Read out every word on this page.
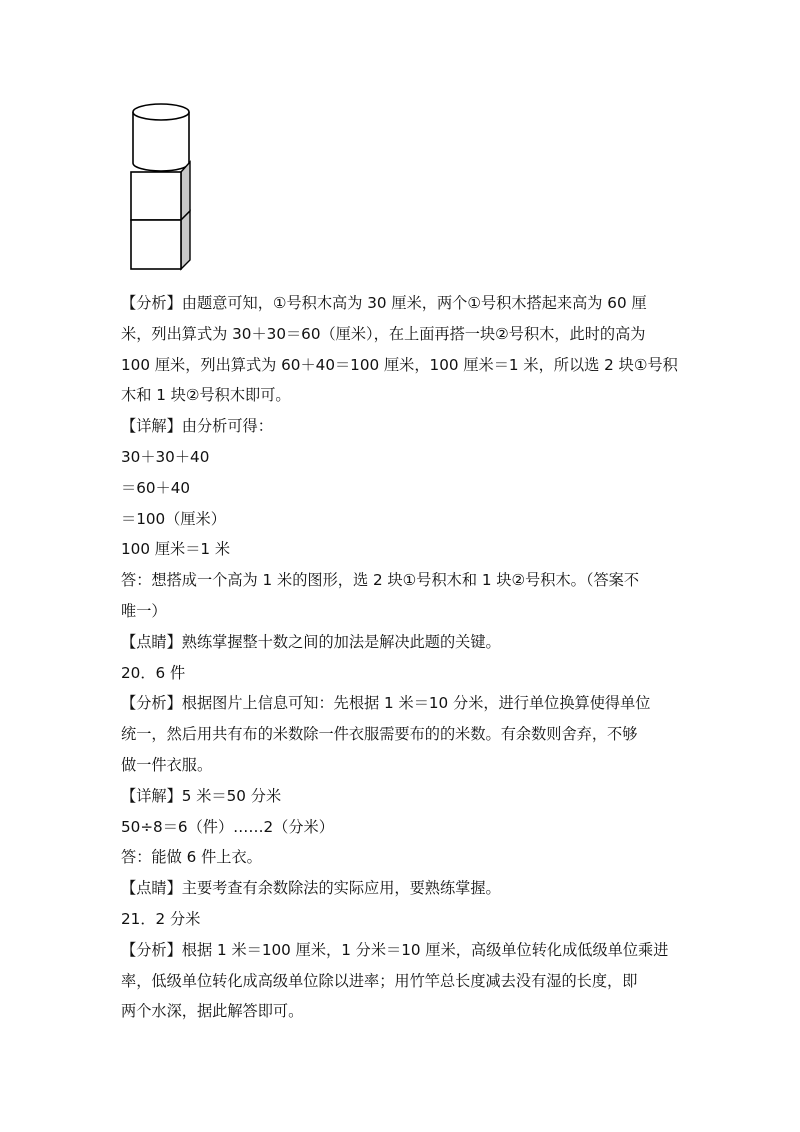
【分析】由题意可知，①号积木高为 30 厘米，两个①号积木搭起来高为 60 厘
米，列出算式为 30＋30＝60（厘米），在上面再搭一块②号积木，此时的高为
100 厘米，列出算式为 60＋40＝100 厘米，100 厘米＝1 米，所以选 2 块①号积
木和 1 块②号积木即可。
【详解】由分析可得：
30＋30＋40
＝60＋40
＝100（厘米）
100 厘米＝1 米
答：想搭成一个高为 1 米的图形，选 2 块①号积木和 1 块②号积木。（答案不
唯一）
【点睛】熟练掌握整十数之间的加法是解决此题的关键。
20．6 件
【分析】根据图片上信息可知：先根据 1 米＝10 分米，进行单位换算使得单位
统一，然后用共有布的米数除一件衣服需要布的的米数。有余数则舍弃，不够
做一件衣服。
【详解】5 米＝50 分米
50÷8＝6（件）……2（分米）
答：能做 6 件上衣。
【点睛】主要考查有余数除法的实际应用，要熟练掌握。
21．2 分米
【分析】根据 1 米＝100 厘米，1 分米＝10 厘米，高级单位转化成低级单位乘进
率，低级单位转化成高级单位除以进率；用竹竿总长度减去没有湿的长度，即
两个水深，据此解答即可。
